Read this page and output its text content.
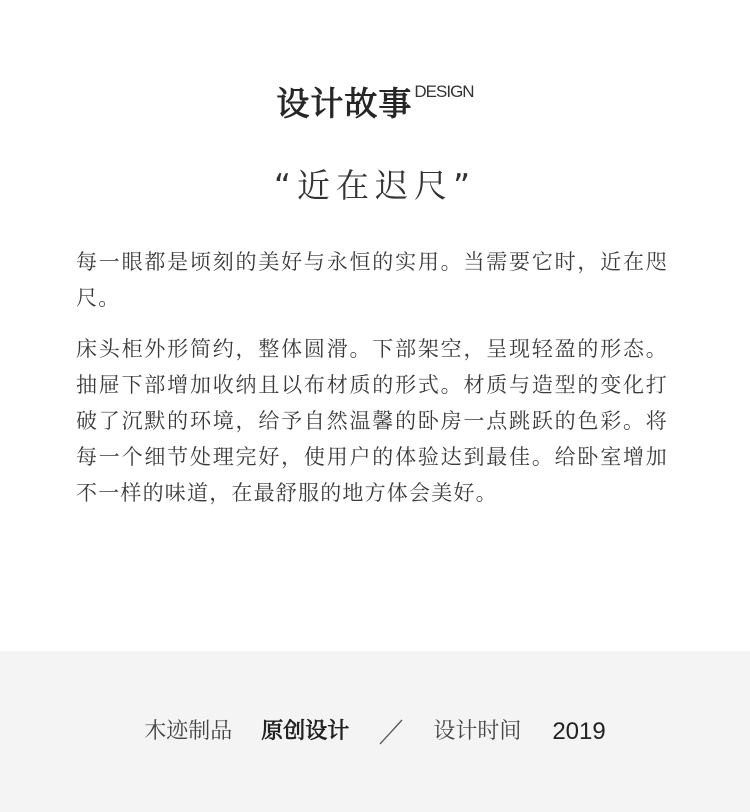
设计故事 DESIGN
“近在迟尺”

每一眼都是顷刻的美好与永恒的实用。当需要它时，近在咫尺。

床头柜外形简约，整体圆滑。下部架空，呈现轻盈的形态。抽屉下部增加收纳且以布材质的形式。材质与造型的变化打破了沉默的环境，给予自然温馨的卧房一点跳跃的色彩。将每一个细节处理完好，使用户的体验达到最佳。给卧室增加不一样的味道，在最舒服的地方体会美好。

木迹制品 原创设计	设计时间 2019
